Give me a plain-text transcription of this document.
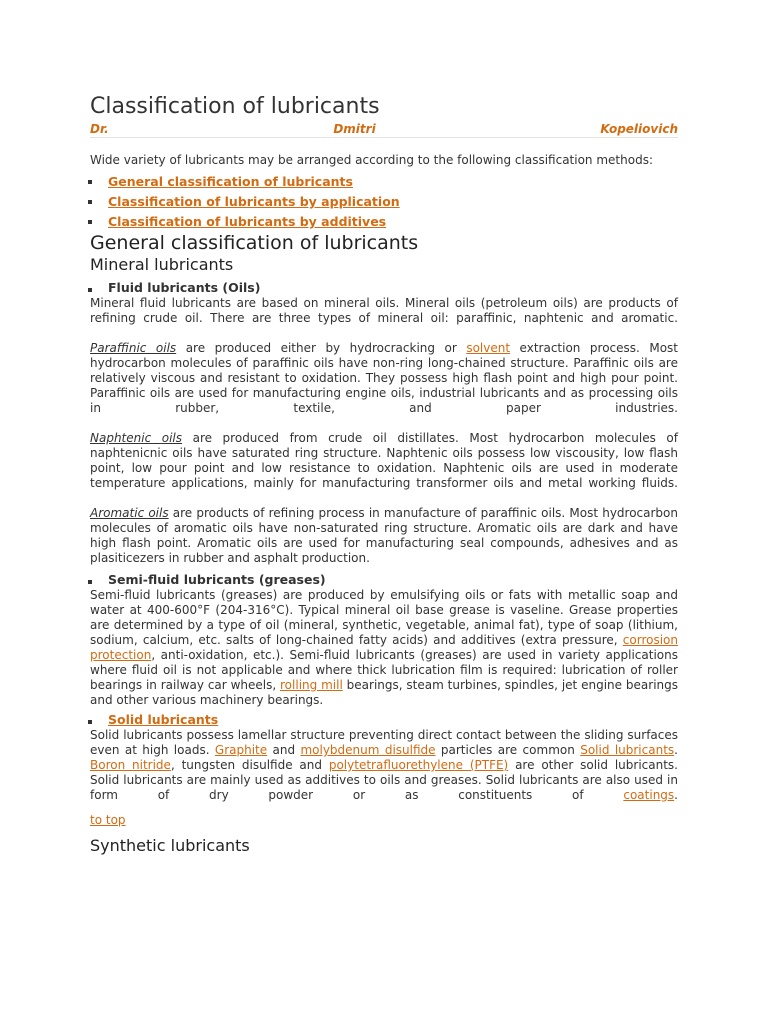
Classification of lubricants
Dr.	Dmitri	Kopeliovich
Wide variety of lubricants may be arranged according to the following classification methods:
General classification of lubricants
Classification of lubricants by application
Classification of lubricants by additives
General classification of lubricants
Mineral lubricants
Fluid lubricants (Oils)

Mineral fluid lubricants are based on mineral oils. Mineral oils (petroleum oils) are products of refining crude oil. There are three types of mineral oil: paraffinic, naphtenic and aromatic.

Paraffinic oils are produced either by hydrocracking or solvent extraction process. Most hydrocarbon molecules of paraffinic oils have non-ring long-chained structure. Paraffinic oils are relatively viscous and resistant to oxidation. They possess high flash point and high pour point. Paraffinic oils are used for manufacturing engine oils, industrial lubricants and as processing oils in rubber, textile, and paper industries.

Naphtenic oils are produced from crude oil distillates. Most hydrocarbon molecules of naphtenicnic oils have saturated ring structure. Naphtenic oils possess low viscousity, low flash point, low pour point and low resistance to oxidation. Naphtenic oils are used in moderate temperature applications, mainly for manufacturing transformer oils and metal working fluids.

Aromatic oils are products of refining process in manufacture of paraffinic oils. Most hydrocarbon molecules of aromatic oils have non-saturated ring structure. Aromatic oils are dark and have high flash point. Aromatic oils are used for manufacturing seal compounds, adhesives and as plasiticezers in rubber and asphalt production.

Semi-fluid lubricants (greases)

Semi-fluid lubricants (greases) are produced by emulsifying oils or fats with metallic soap and water at 400-600°F (204-316°C). Typical mineral oil base grease is vaseline. Grease properties are determined by a type of oil (mineral, synthetic, vegetable, animal fat), type of soap (lithium, sodium, calcium, etc. salts of long-chained fatty acids) and additives (extra pressure, corrosion protection, anti-oxidation, etc.). Semi-fluid lubricants (greases) are used in variety applications where fluid oil is not applicable and where thick lubrication film is required: lubrication of roller bearings in railway car wheels, rolling mill bearings, steam turbines, spindles, jet engine bearings and other various machinery bearings.

Solid lubricants

Solid lubricants possess lamellar structure preventing direct contact between the sliding surfaces even at high loads. Graphite and molybdenum disulfide particles are common Solid lubricants. Boron nitride, tungsten disulfide and polytetrafluorethylene (PTFE) are other solid lubricants. Solid lubricants are mainly used as additives to oils and greases. Solid lubricants are also used in form of dry powder or as constituents of coatings.

to top
Synthetic lubricants
